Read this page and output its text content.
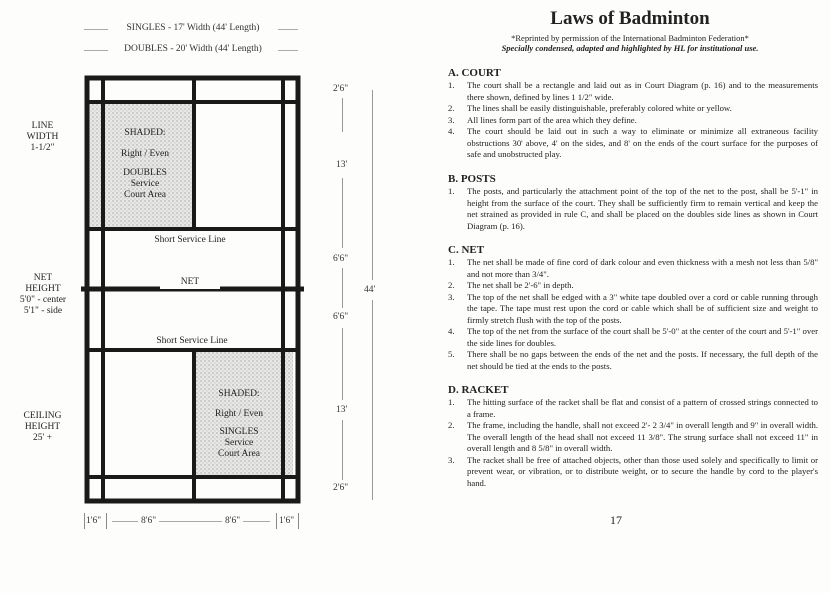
SINGLES - 17' Width (44' Length)
DOUBLES - 20' Width (44' Length)
LINE
WIDTH
1-1/2"
NET
HEIGHT
5'0" - center
5'1" - side
CEILING
HEIGHT
25' +
SHADED:
Right / Even
DOUBLES
Service
Court Area
Short Service Line
NET
Short Service Line
SHADED:
Right / Even
SINGLES
Service
Court Area
2'6"
13'
6'6"
6'6"
13'
2'6"
44'
1'6"	8'6"	8'6"	1'6"
Laws of Badminton
*Reprinted by permission of the International Badminton Federation*
Specially condensed, adapted and highlighted by HL for institutional use.
A. COURT
1. The court shall be a rectangle and laid out as in Court Diagram (p. 16) and to the measurements there shown, defined by lines 1 1/2" wide.
2. The lines shall be easily distinguishable, preferably colored white or yellow.
3. All lines form part of the area which they define.
4. The court should be laid out in such a way to eliminate or minimize all extraneous facility obstructions 30' above, 4' on the sides, and 8' on the ends of the court surface for the purposes of safe and unobstructed play.
B. POSTS
1. The posts, and particularly the attachment point of the top of the net to the post, shall be 5'-1" in height from the surface of the court. They shall be sufficiently firm to remain vertical and keep the net strained as provided in rule C, and shall be placed on the doubles side lines as shown in Court Diagram (p. 16).
C. NET
1. The net shall be made of fine cord of dark colour and even thickness with a mesh not less than 5/8" and not more than 3/4".
2. The net shall be 2'-6" in depth.
3. The top of the net shall be edged with a 3" white tape doubled over a cord or cable running through the tape. The tape must rest upon the cord or cable which shall be of sufficient size and weight to firmly stretch flush with the top of the posts.
4. The top of the net from the surface of the court shall be 5'-0" at the center of the court and 5'-1" over the side lines for doubles.
5. There shall be no gaps between the ends of the net and the posts. If necessary, the full depth of the net should be tied at the ends to the posts.
D. RACKET
1. The hitting surface of the racket shall be flat and consist of a pattern of crossed strings connected to a frame.
2. The frame, including the handle, shall not exceed 2'- 2 3/4" in overall length and 9" in overall width. The overall length of the head shall not exceed 11 3/8". The strung surface shall not exceed 11" in overall length and 8 5/8" in overall width.
3. The racket shall be free of attached objects, other than those used solely and specifically to limit or prevent wear, or vibration, or to distribute weight, or to secure the handle by cord to the player's hand.
17
